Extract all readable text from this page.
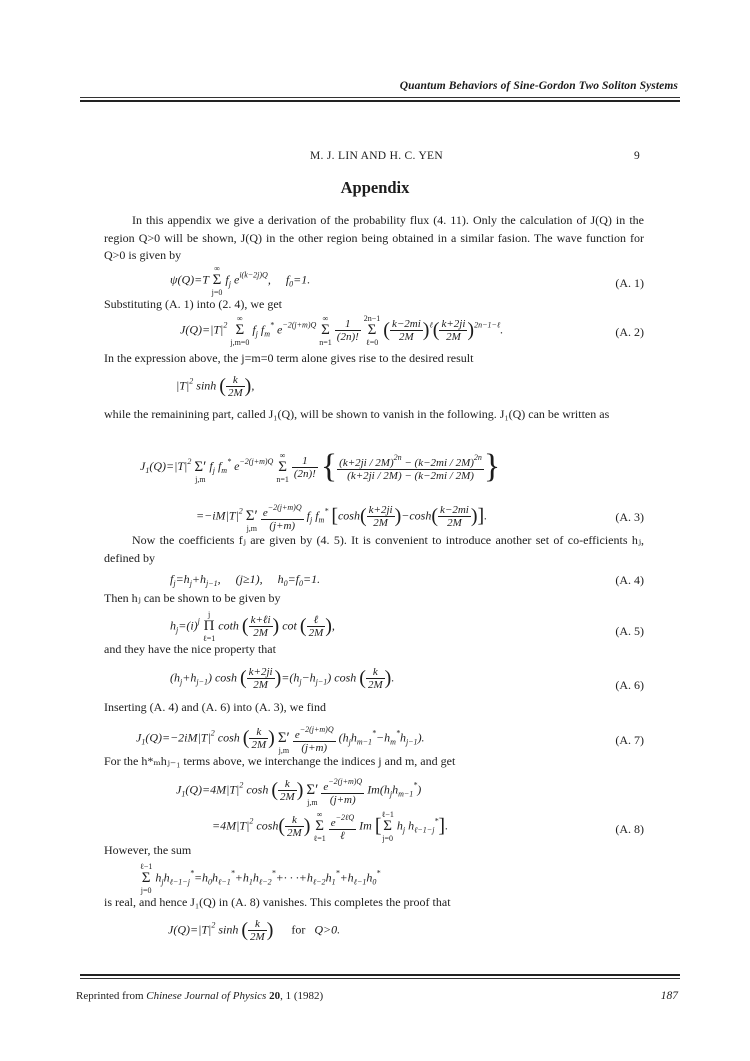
Quantum Behaviors of Sine-Gordon Two Soliton Systems
M. J. LIN AND H. C. YEN	9
Appendix
In this appendix we give a derivation of the probability flux (4. 11). Only the calculation of J(Q) in the region Q>0 will be shown, J(Q) in the other region being obtained in a similar fasion. The wave function for Q>0 is given by
ψ(Q)=T ∞
Σ
j=0 $f_j$ $e^{i(k-2j)Q}$,     $f_0=1$.	(A. 1)
Substituting (A. 1) into (2. 4), we get
$J(Q)=|T|^2$ ∞
Σ
j,m=0 $f_j$ $f_m^*$ $e^{-2(j+m)Q}$ ∞
Σ
$n=1 \frac{1}{(2n)!} 2n-1$
Σ
ℓ=0 ( $\frac{k-2mi}{2M} )^\ell( \frac{k+2ji}{2M} )^{2n-1-\ell}$.	(A. 2)
In the expression above, the j=m=0 term alone gives rise to the desired result
$|T|^2$ sinh ( $\frac{k}{2M}$ ),
while the remainining part, called J₁(Q), will be shown to vanish in the following. J₁(Q) can be written as
$J_1(Q)=|T|^2$ Σ′
j,m $f_j$ $f_m^*$ $e^{-2(j+m)Q}$ ∞
Σ
$n=1 \frac{1}{(2n)!}$ { $\frac{(k+2ji / 2M)^{2n} - (k-2mi / 2M)^{2n}}{(k+2ji / 2M) - (k-2mi / 2M)}$ }
$=-iM|T|^2$ Σ′
$j,m \frac{e^{-2(j+m)Q}}{(j+m)} f_j$ $f_m^*$ [$\cosh( \frac{k+2ji}{2M} )-\cosh( \frac{k-2mi}{2M}$ )].	(A. 3)
Now the coefficients fⱼ are given by (4. 5). It is convenient to introduce another set of co-efficients hⱼ, defined by
$f_j=h_j+h_{j-1}$,     (j≥1),     $h_0=f_0=1$.	(A. 4)
Then hⱼ can be shown to be given by
$h_j=(i)^j$ j
Π
ℓ=1 coth ( $\frac{\text{k+ℓi}}{2M}$ ) cot ( $\frac{\text{ℓ}}{2M}$ ),	(A. 5)
and they have the nice property that
$(h_j+h_{j-1})$ cosh ( $\frac{k+2ji}{2M} )=(h_j-h_{j-1})$ cosh ( $\frac{k}{2M}$ ).
(A. 6)
Inserting (A. 4) and (A. 6) into (A. 3), we find
$J_1(Q)=-2iM|T|^2$ cosh ( $\frac{k}{2M}$ ) Σ′
$j,m \frac{e^{-2(j+m)Q}}{(j+m)} (h_jh_{m-1}^*-h_m^*h_{j-1})$.	(A. 7)
For the h*ₘhⱼ₋₁ terms above, we interchange the indices j and m, and get
$J_1(Q)=4M|T|^2$ cosh ( $\frac{k}{2M}$ ) Σ′
$j,m \frac{e^{-2(j+m)Q}}{(j+m)} Im(h_jh_{m-1}^*)$
$=4M|T|^2$ $\cosh( \frac{k}{2M}$ ) ∞
Σ
ℓ=1 $\frac{e^{-2\ell Q}}{\text{ℓ}}$ Im [ℓ−1
Σ
j=0 $h_j$ $h_{\ell-1-j}^*$].	(A. 8)
However, the sum
ℓ−1
Σ
j=0 $h_jh_{\ell-1-j}^*=h_0h_{\ell-1}^*+h_1h_{\ell-2}^*+\cdot \cdot \cdot+h_{\ell-2}h_1^*+h_{\ell-1}h_0^*$
is real, and hence J₁(Q) in (A. 8) vanishes. This completes the proof that
$J(Q)=|T|^2$ sinh ( $\frac{k}{2M}$ ) for   Q>0.
Reprinted from Chinese Journal of Physics 20, 1 (1982)	187
